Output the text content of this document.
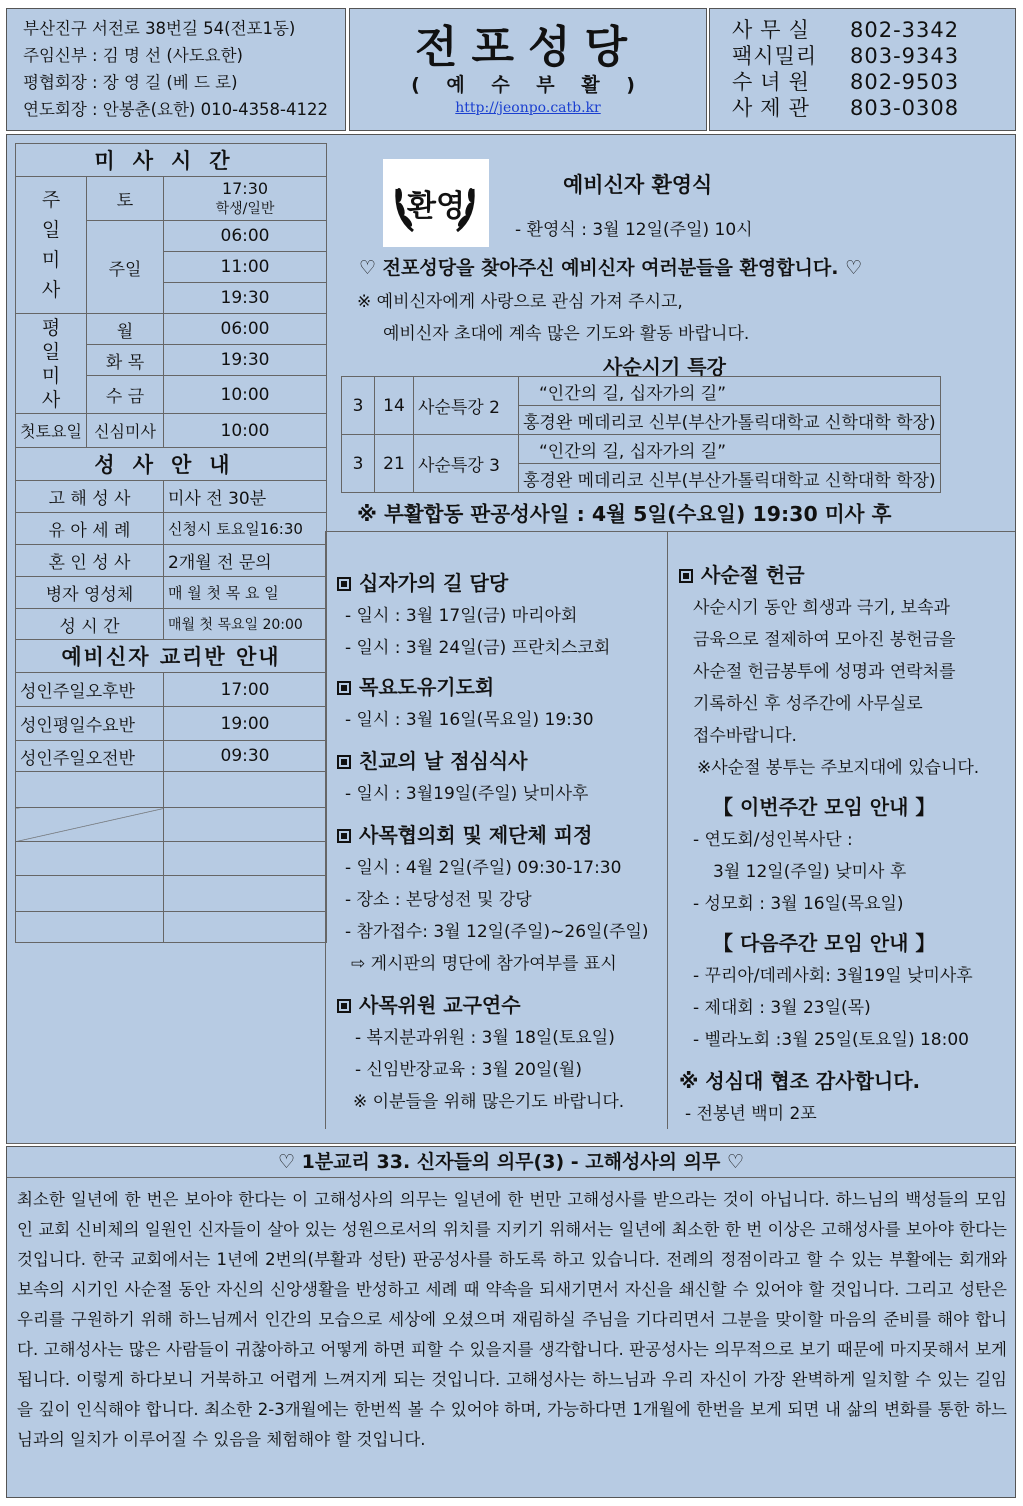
부산진구 서전로 38번길 54(전포1동)
주임신부 : 김 명 선 (사도요한)
평협회장 : 장 영 길 (베 드 로)
연도회장 : 안봉춘(요한) 010-4358-4122
전포성당
( 예 수 부 활 )
http://jeonpo.catb.kr
사무실	802-3342
팩시밀리	803-9343
수녀원	802-9503
사제관	803-0308
미사시간		

주일미사	토	17:30
학생/일반

	주일	06:00
		11:00
		19:30

평일미사	월	06:00
	화 목	19:30
	수 금	10:00
첫토요일	신심미사	10:00
성사안내		
고 해 성 사		미사 전 30분
유 아 세 례		신청시 토요일16:30
혼 인 성 사		2개월 전 문의
병자 영성체		매 월 첫 목 요 일
성 시 간		매월 첫 목요일 20:00
예비신자 교리반 안내		
성인주일오후반		17:00
성인평일수요반		19:00
성인주일오전반		09:30

환영
예비신자 환영식
- 환영식 : 3월 12일(주일) 10시
♡ 전포성당을 찾아주신 예비신자 여러분들을 환영합니다. ♡
※ 예비신자에게 사랑으로 관심 가져 주시고,
예비신자 초대에 계속 많은 기도와 활동 바랍니다.
사순시기 특강
3	14	사순특강 2	“인간의 길, 십자가의 길”
			홍경완 메데리코 신부(부산가톨릭대학교 신학대학 학장)
3	21	사순특강 3	“인간의 길, 십자가의 길”
			홍경완 메데리코 신부(부산가톨릭대학교 신학대학 학장)
※ 부활합동 판공성사일 : 4월 5일(수요일) 19:30 미사 후
십자가의 길 담당
- 일시 : 3월 17일(금) 마리아회
- 일시 : 3월 24일(금) 프란치스코회
목요도유기도회
- 일시 : 3월 16일(목요일) 19:30
친교의 날 점심식사
- 일시 : 3월19일(주일) 낮미사후
사목협의회 및 제단체 피정
- 일시 : 4월 2일(주일) 09:30-17:30
- 장소 : 본당성전 및 강당
- 참가접수: 3월 12일(주일)~26일(주일)
⇨ 게시판의 명단에 참가여부를 표시
사목위원 교구연수
- 복지분과위원 : 3월 18일(토요일)
- 신임반장교육 : 3월 20일(월)
※ 이분들을 위해 많은기도 바랍니다.
사순절 헌금
사순시기 동안 희생과 극기, 보속과
금육으로 절제하여 모아진 봉헌금을
사순절 헌금봉투에 성명과 연락처를
기록하신 후 성주간에 사무실로
접수바랍니다.
※사순절 봉투는 주보지대에 있습니다.
【 이번주간 모임 안내 】
- 연도회/성인복사단 :
3월 12일(주일) 낮미사 후
- 성모회 : 3월 16일(목요일)
【 다음주간 모임 안내 】
- 꾸리아/데레사회: 3월19일 낮미사후
- 제대회 : 3월 23일(목)
- 벨라노회 :3월 25일(토요일) 18:00
※ 성심대 협조 감사합니다.
- 전봉년 백미 2포
♡ 1분교리 33. 신자들의 의무(3) - 고해성사의 의무 ♡
최소한 일년에 한 번은 보아야 한다는 이 고해성사의 의무는 일년에 한 번만 고해성사를 받으라는 것이 아닙니다. 하느님의 백성들의 모임인 교회 신비체의 일원인 신자들이 살아 있는 성원으로서의 위치를 지키기 위해서는 일년에 최소한 한 번 이상은 고해성사를 보아야 한다는 것입니다. 한국 교회에서는 1년에 2번의(부활과 성탄) 판공성사를 하도록 하고 있습니다. 전례의 정점이라고 할 수 있는 부활에는 회개와 보속의 시기인 사순절 동안 자신의 신앙생활을 반성하고 세례 때 약속을 되새기면서 자신을 쇄신할 수 있어야 할 것입니다. 그리고 성탄은 우리를 구원하기 위해 하느님께서 인간의 모습으로 세상에 오셨으며 재림하실 주님을 기다리면서 그분을 맞이할 마음의 준비를 해야 합니다. 고해성사는 많은 사람들이 귀찮아하고 어떻게 하면 피할 수 있을지를 생각합니다. 판공성사는 의무적으로 보기 때문에 마지못해서 보게 됩니다. 이렇게 하다보니 거북하고 어렵게 느껴지게 되는 것입니다. 고해성사는 하느님과 우리 자신이 가장 완벽하게 일치할 수 있는 길임을 깊이 인식해야 합니다. 최소한 2-3개월에는 한번씩 볼 수 있어야 하며, 가능하다면 1개월에 한번을 보게 되면 내 삶의 변화를 통한 하느님과의 일치가 이루어질 수 있음을 체험해야 할 것입니다.
